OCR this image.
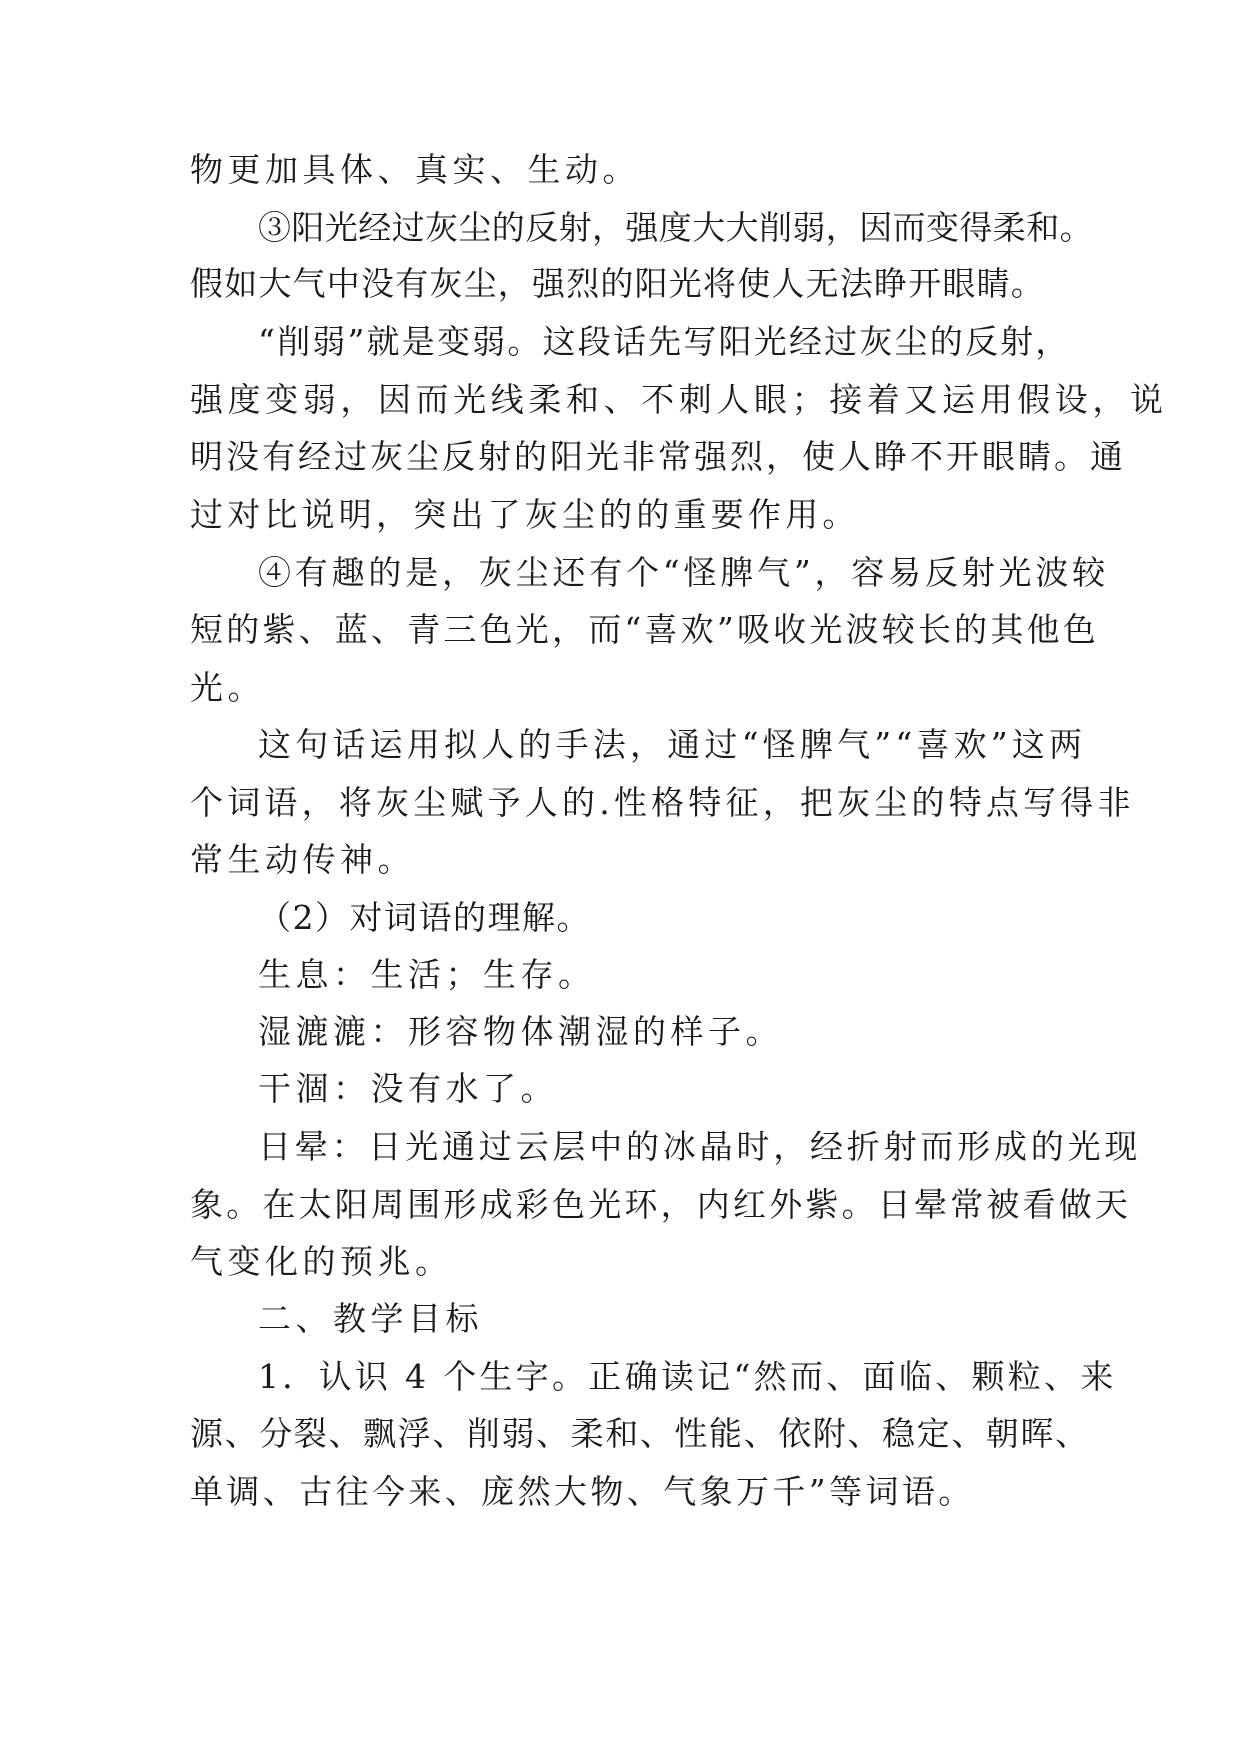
物更加具体、真实、生动。
③阳光经过灰尘的反射，强度大大削弱，因而变得柔和。
假如大气中没有灰尘，强烈的阳光将使人无法睁开眼睛。
“削弱”就是变弱。这段话先写阳光经过灰尘的反射，
强度变弱，因而光线柔和、不刺人眼；接着又运用假设，说
明没有经过灰尘反射的阳光非常强烈，使人睁不开眼睛。通
过对比说明，突出了灰尘的的重要作用。
④有趣的是，灰尘还有个“怪脾气”，容易反射光波较
短的紫、蓝、青三色光，而“喜欢”吸收光波较长的其他色
光。
这句话运用拟人的手法，通过“怪脾气”“喜欢”这两
个词语，将灰尘赋予人的.性格特征，把灰尘的特点写得非
常生动传神。
（2）对词语的理解。
生息：生活；生存。
湿漉漉：形容物体潮湿的样子。
干涸：没有水了。
日晕：日光通过云层中的冰晶时，经折射而形成的光现
象。在太阳周围形成彩色光环，内红外紫。日晕常被看做天
气变化的预兆。
二、教学目标
1．认识 4 个生字。正确读记“然而、面临、颗粒、来
源、分裂、飘浮、削弱、柔和、性能、依附、稳定、朝晖、
单调、古往今来、庞然大物、气象万千”等词语。
